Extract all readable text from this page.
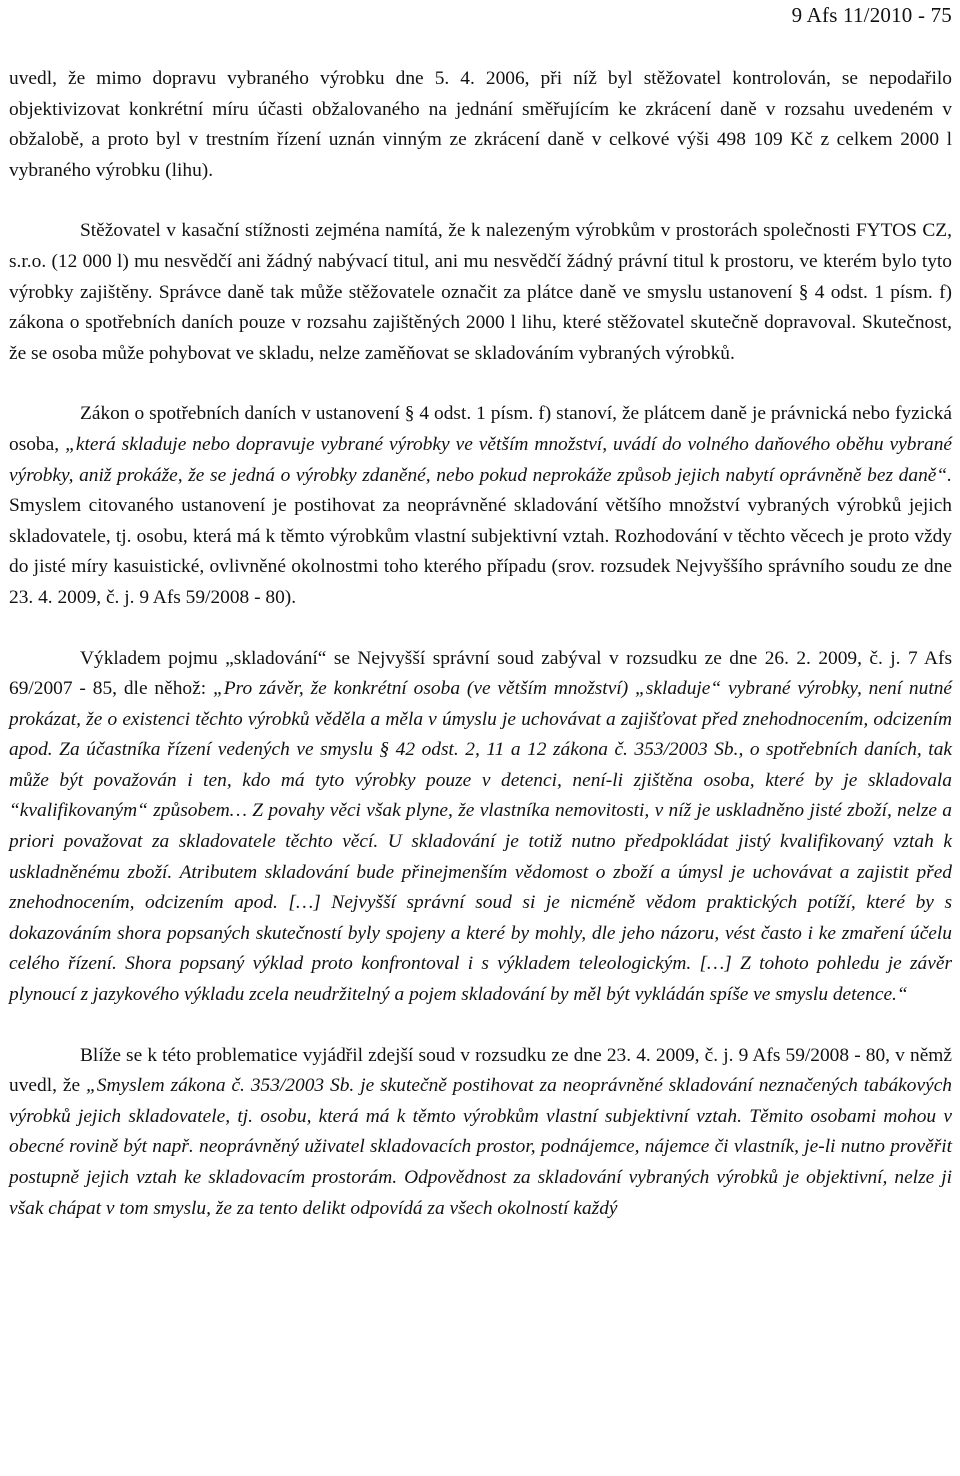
9 Afs 11/2010 - 75

uvedl, že mimo dopravu vybraného výrobku dne 5. 4. 2006, při níž byl stěžovatel kontrolován, se nepodařilo objektivizovat konkrétní míru účasti obžalovaného na jednání směřujícím ke zkrácení daně v rozsahu uvedeném v obžalobě, a proto byl v trestním řízení uznán vinným ze zkrácení daně v celkové výši 498 109 Kč z celkem 2000 l vybraného výrobku (lihu).

Stěžovatel v kasační stížnosti zejména namítá, že k nalezeným výrobkům v prostorách společnosti FYTOS CZ, s.r.o. (12 000 l) mu nesvědčí ani žádný nabývací titul, ani mu nesvědčí žádný právní titul k prostoru, ve kterém bylo tyto výrobky zajištěny. Správce daně tak může stěžovatele označit za plátce daně ve smyslu ustanovení § 4 odst. 1 písm. f) zákona o spotřebních daních pouze v rozsahu zajištěných 2000 l lihu, které stěžovatel skutečně dopravoval. Skutečnost, že se osoba může pohybovat ve skladu, nelze zaměňovat se skladováním vybraných výrobků.

Zákon o spotřebních daních v ustanovení § 4 odst. 1 písm. f) stanoví, že plátcem daně je právnická nebo fyzická osoba, „která skladuje nebo dopravuje vybrané výrobky ve větším množství, uvádí do volného daňového oběhu vybrané výrobky, aniž prokáže, že se jedná o výrobky zdaněné, nebo pokud neprokáže způsob jejich nabytí oprávněně bez daně“. Smyslem citovaného ustanovení je postihovat za neoprávněné skladování většího množství vybraných výrobků jejich skladovatele, tj. osobu, která má k těmto výrobkům vlastní subjektivní vztah. Rozhodování v těchto věcech je proto vždy do jisté míry kasuistické, ovlivněné okolnostmi toho kterého případu (srov. rozsudek Nejvyššího správního soudu ze dne 23. 4. 2009, č. j. 9 Afs 59/2008 - 80).

Výkladem pojmu „skladování“ se Nejvyšší správní soud zabýval v rozsudku ze dne 26. 2. 2009, č. j. 7 Afs 69/2007 - 85, dle něhož: „Pro závěr, že konkrétní osoba (ve větším množství) „skladuje“ vybrané výrobky, není nutné prokázat, že o existenci těchto výrobků věděla a měla v úmyslu je uchovávat a zajišťovat před znehodnocením, odcizením apod. Za účastníka řízení vedených ve smyslu § 42 odst. 2, 11 a 12 zákona č. 353/2003 Sb., o spotřebních daních, tak může být považován i ten, kdo má tyto výrobky pouze v detenci, není-li zjištěna osoba, které by je skladovala “kvalifikovaným“ způsobem… Z povahy věci však plyne, že vlastníka nemovitosti, v níž je uskladněno jisté zboží, nelze a priori považovat za skladovatele těchto věcí. U skladování je totiž nutno předpokládat jistý kvalifikovaný vztah k uskladněnému zboží. Atributem skladování bude přinejmenším vědomost o zboží a úmysl je uchovávat a zajistit před znehodnocením, odcizením apod. […] Nejvyšší správní soud si je nicméně vědom praktických potíží, které by s dokazováním shora popsaných skutečností byly spojeny a které by mohly, dle jeho názoru, vést často i ke zmaření účelu celého řízení. Shora popsaný výklad proto konfrontoval i s výkladem teleologickým. […] Z tohoto pohledu je závěr plynoucí z jazykového výkladu zcela neudržitelný a pojem skladování by měl být vykládán spíše ve smyslu detence.“

Blíže se k této problematice vyjádřil zdejší soud v rozsudku ze dne 23. 4. 2009, č. j. 9 Afs 59/2008 - 80, v němž uvedl, že „Smyslem zákona č. 353/2003 Sb. je skutečně postihovat za neoprávněné skladování neznačených tabákových výrobků jejich skladovatele, tj. osobu, která má k těmto výrobkům vlastní subjektivní vztah. Těmito osobami mohou v obecné rovině být např. neoprávněný uživatel skladovacích prostor, podnájemce, nájemce či vlastník, je-li nutno prověřit postupně jejich vztah ke skladovacím prostorám. Odpovědnost za skladování vybraných výrobků je objektivní, nelze ji však chápat v tom smyslu, že za tento delikt odpovídá za všech okolností každý
